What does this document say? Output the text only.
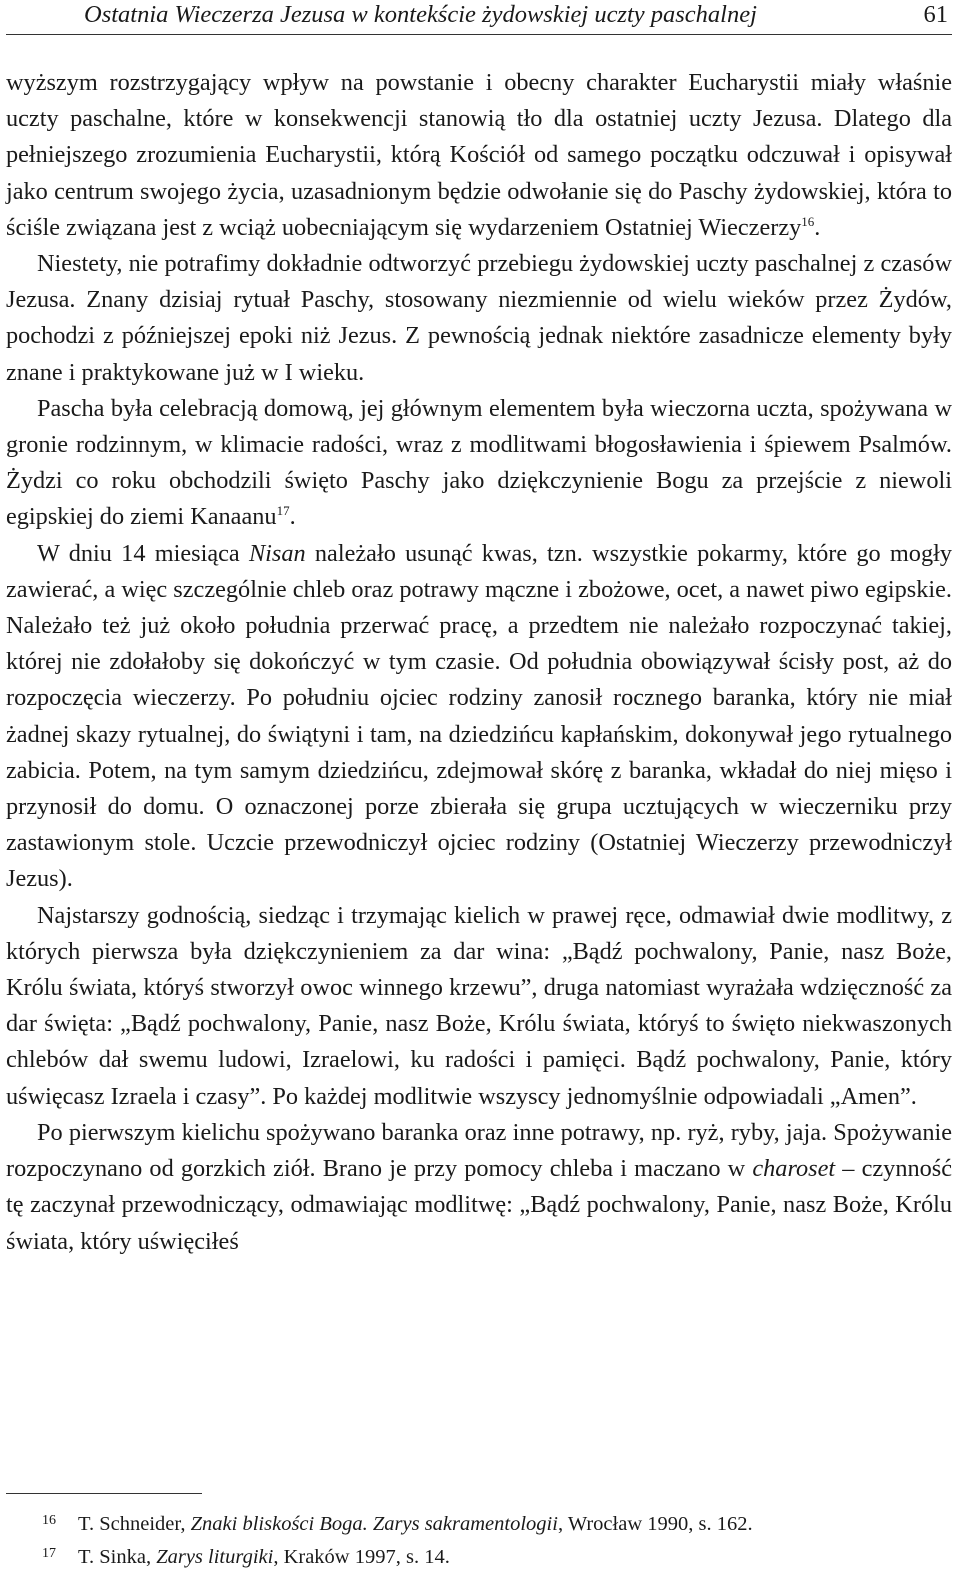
Ostatnia Wieczerza Jezusa w kontekście żydowskiej uczty paschalnej	61

wyższym rozstrzygający wpływ na powstanie i obecny charakter Eucharystii miały właśnie uczty paschalne, które w konsekwencji stanowią tło dla ostatniej uczty Jezusa. Dlatego dla pełniejszego zrozumienia Eucharystii, którą Kościół od samego początku odczuwał i opisywał jako centrum swojego życia, uzasadnionym będzie odwołanie się do Paschy żydowskiej, która to ściśle związana jest z wciąż uobecniającym się wydarzeniem Ostatniej Wieczerzy$^{16}$.

Niestety, nie potrafimy dokładnie odtworzyć przebiegu żydowskiej uczty paschalnej z czasów Jezusa. Znany dzisiaj rytuał Paschy, stosowany niezmiennie od wielu wieków przez Żydów, pochodzi z późniejszej epoki niż Jezus. Z pewnością jednak niektóre zasadnicze elementy były znane i praktykowane już w I wieku.

Pascha była celebracją domową, jej głównym elementem była wieczorna uczta, spożywana w gronie rodzinnym, w klimacie radości, wraz z modlitwami błogosławienia i śpiewem Psalmów. Żydzi co roku obchodzili święto Paschy jako dziękczynienie Bogu za przejście z niewoli egipskiej do ziemi Kanaanu$^{17}$.

W dniu 14 miesiąca Nisan należało usunąć kwas, tzn. wszystkie pokarmy, które go mogły zawierać, a więc szczególnie chleb oraz potrawy mączne i zbożowe, ocet, a nawet piwo egipskie. Należało też już około południa przerwać pracę, a przedtem nie należało rozpoczynać takiej, której nie zdołałoby się dokończyć w tym czasie. Od południa obowiązywał ścisły post, aż do rozpoczęcia wieczerzy. Po południu ojciec rodziny zanosił rocznego baranka, który nie miał żadnej skazy rytualnej, do świątyni i tam, na dziedzińcu kapłańskim, dokonywał jego rytualnego zabicia. Potem, na tym samym dziedzińcu, zdejmował skórę z baranka, wkładał do niej mięso i przynosił do domu. O oznaczonej porze zbierała się grupa ucztujących w wieczerniku przy zastawionym stole. Uczcie przewodniczył ojciec rodziny (Ostatniej Wieczerzy przewodniczył Jezus).

Najstarszy godnością, siedząc i trzymając kielich w prawej ręce, odmawiał dwie modlitwy, z których pierwsza była dziękczynieniem za dar wina: „Bądź pochwalony, Panie, nasz Boże, Królu świata, któryś stworzył owoc winnego krzewu”, druga natomiast wyrażała wdzięczność za dar święta: „Bądź pochwalony, Panie, nasz Boże, Królu świata, któryś to święto niekwaszonych chlebów dał swemu ludowi, Izraelowi, ku radości i pamięci. Bądź pochwalony, Panie, który uświęcasz Izraela i czasy”. Po każdej modlitwie wszyscy jednomyślnie odpowiadali „Amen”.

Po pierwszym kielichu spożywano baranka oraz inne potrawy, np. ryż, ryby, jaja. Spożywanie rozpoczynano od gorzkich ziół. Brano je przy pomocy chleba i maczano w charoset – czynność tę zaczynał przewodniczący, odmawiając modlitwę: „Bądź pochwalony, Panie, nasz Boże, Królu świata, który uświęciłeś

16 T. Schneider, Znaki bliskości Boga. Zarys sakramentologii, Wrocław 1990, s. 162.
17 T. Sinka, Zarys liturgiki, Kraków 1997, s. 14.
